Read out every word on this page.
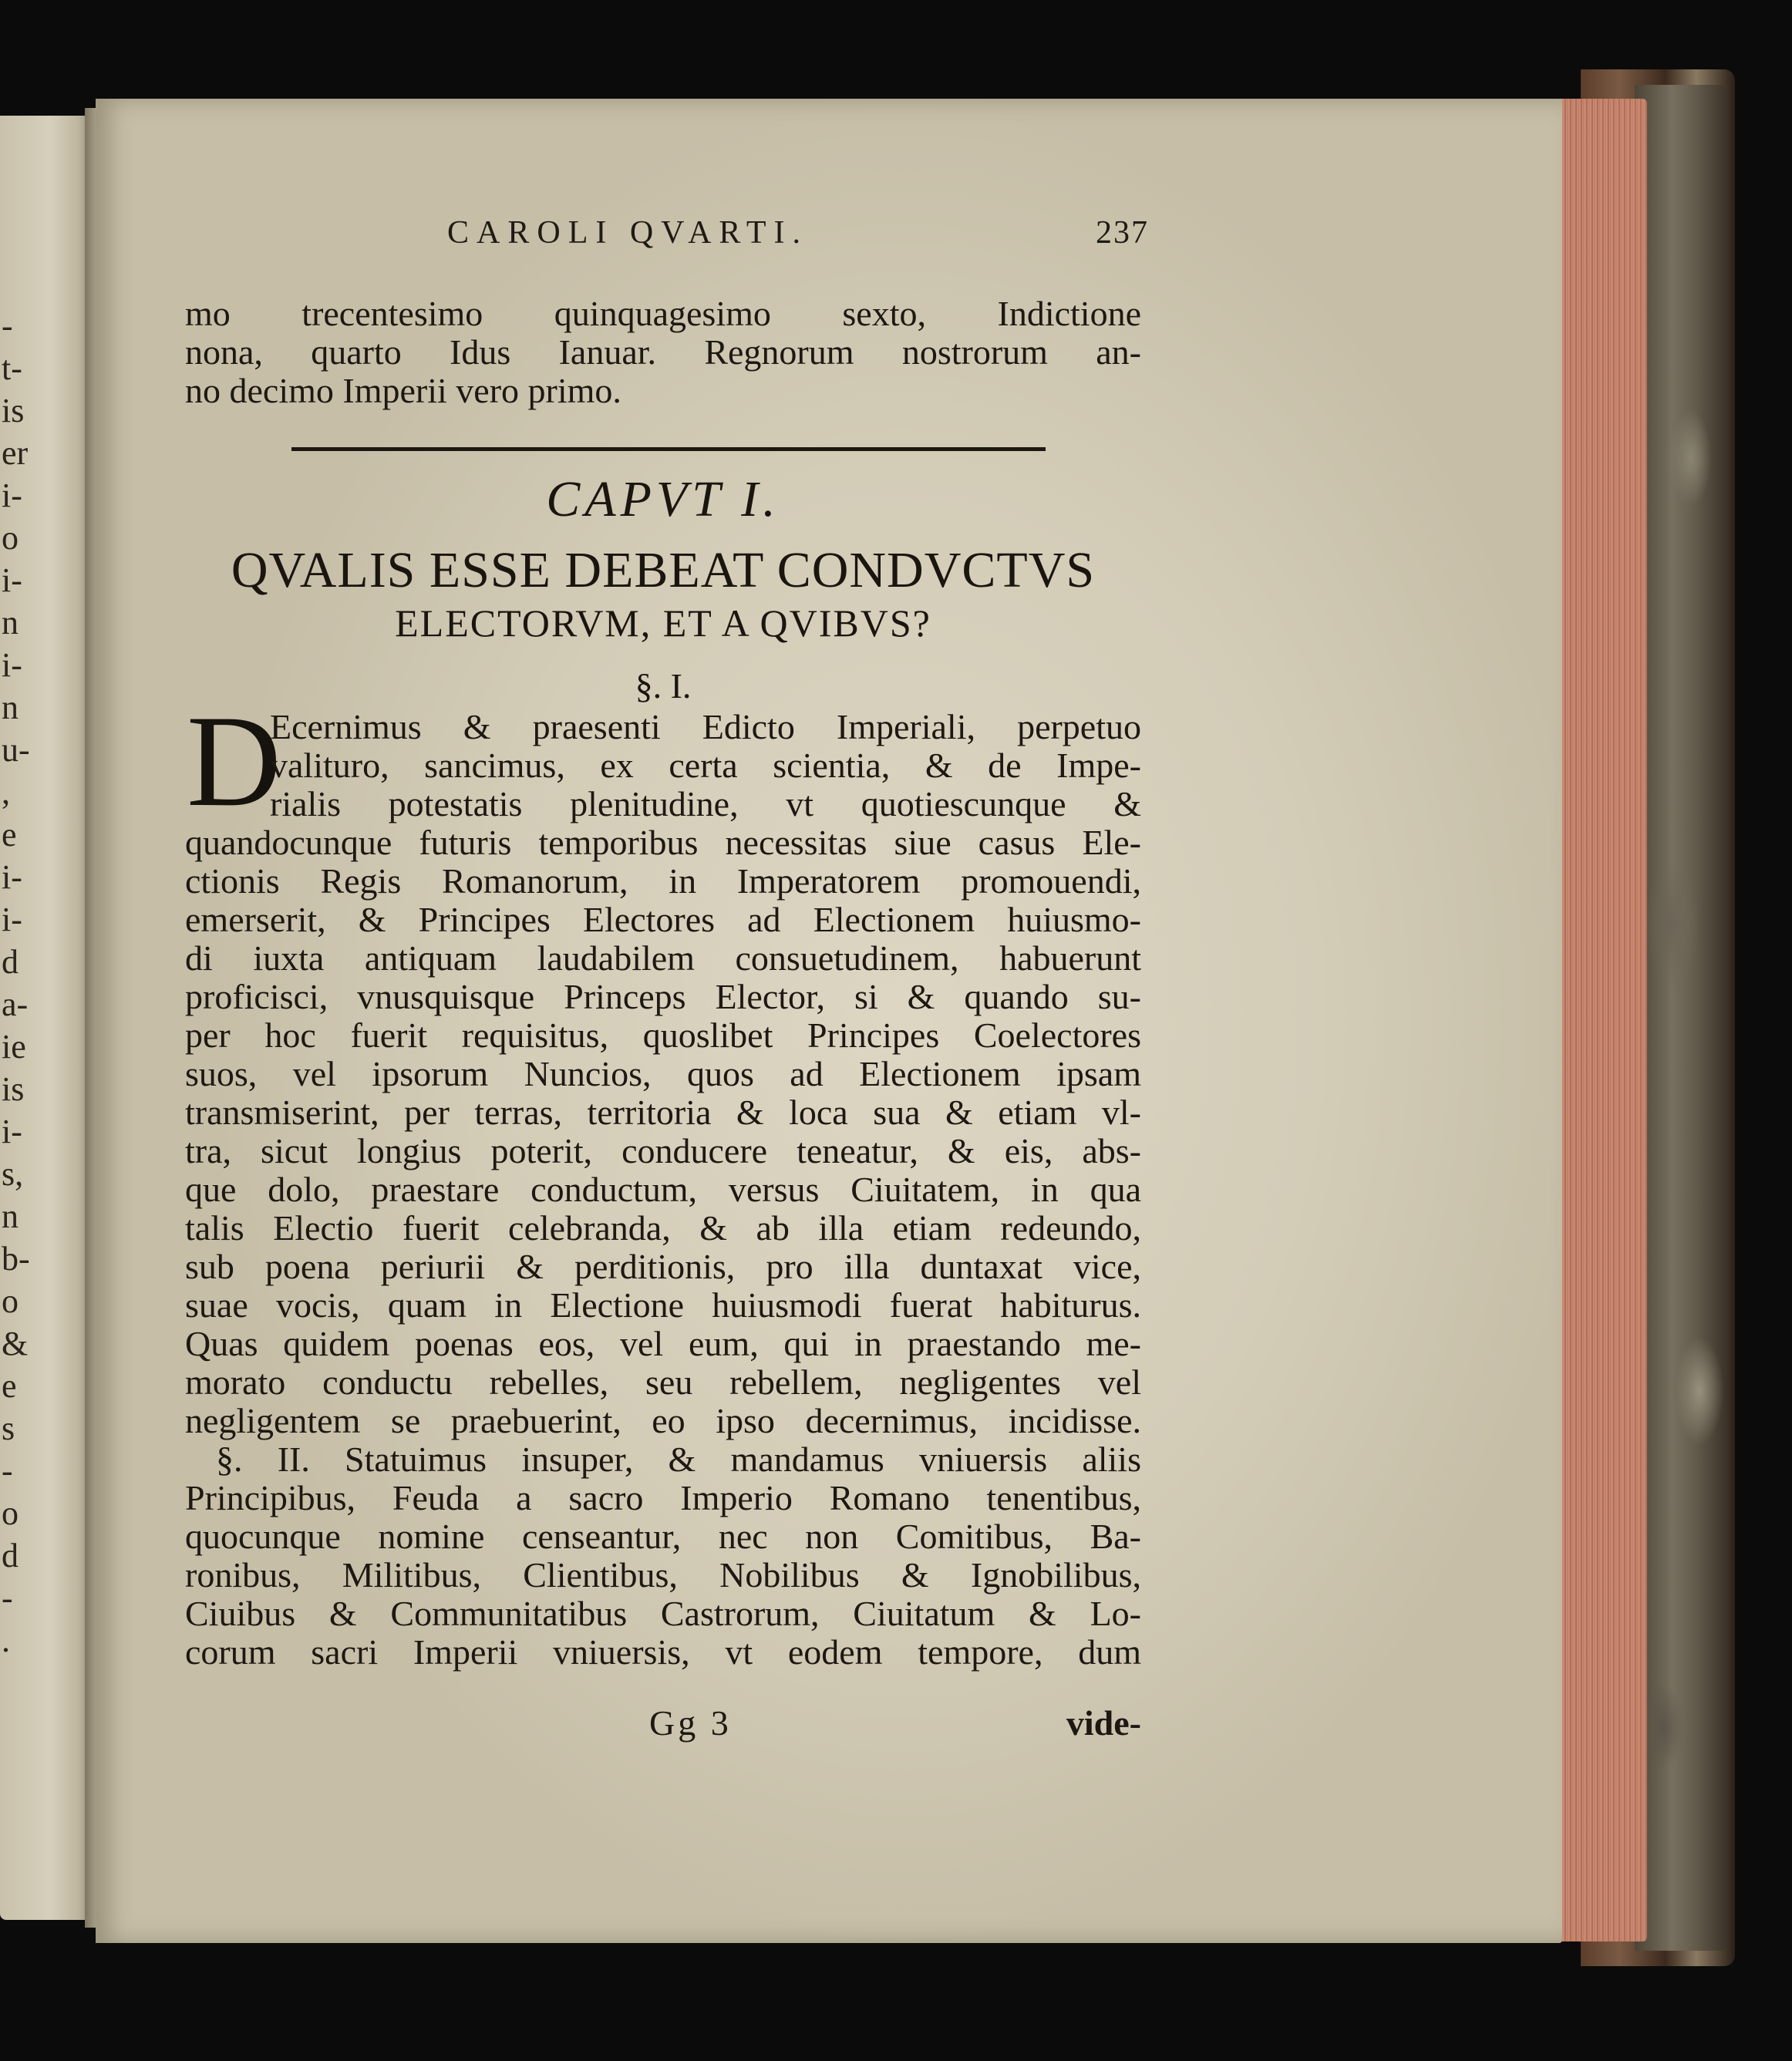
-
t-
is
er
i-
o
i-
n
i-
n
u-
,
e
i-
i-
d
a-
ie
is
i-
s,
n
b-
o
&
e
s
-
o
d
-
.
CAROLI QVARTI.	237
mo trecentesimo quinquagesimo sexto, Indictione
nona, quarto Idus Ianuar. Regnorum nostrorum an-
no decimo Imperii vero primo.
CAPVT I.
QVALIS ESSE DEBEAT CONDVCTVS
ELECTORVM, ET A QVIBVS?
§. I.
D
Ecernimus & praesenti Edicto Imperiali, perpetuo
valituro, sancimus, ex certa scientia, & de Impe-
rialis potestatis plenitudine, vt quotiescunque &
quandocunque futuris temporibus necessitas siue casus Ele-
ctionis Regis Romanorum, in Imperatorem promouendi,
emerserit, & Principes Electores ad Electionem huiusmo-
di iuxta antiquam laudabilem consuetudinem, habuerunt
proficisci, vnusquisque Princeps Elector, si & quando su-
per hoc fuerit requisitus, quoslibet Principes Coelectores
suos, vel ipsorum Nuncios, quos ad Electionem ipsam
transmiserint, per terras, territoria & loca sua & etiam vl-
tra, sicut longius poterit, conducere teneatur, & eis, abs-
que dolo, praestare conductum, versus Ciuitatem, in qua
talis Electio fuerit celebranda, & ab illa etiam redeundo,
sub poena periurii & perditionis, pro illa duntaxat vice,
suae vocis, quam in Electione huiusmodi fuerat habiturus.
Quas quidem poenas eos, vel eum, qui in praestando me-
morato conductu rebelles, seu rebellem, negligentes vel
negligentem se praebuerint, eo ipso decernimus, incidisse.
§. II. Statuimus insuper, & mandamus vniuersis aliis
Principibus, Feuda a sacro Imperio Romano tenentibus,
quocunque nomine censeantur, nec non Comitibus, Ba-
ronibus, Militibus, Clientibus, Nobilibus & Ignobilibus,
Ciuibus & Communitatibus Castrorum, Ciuitatum & Lo-
corum sacri Imperii vniuersis, vt eodem tempore, dum
Gg 3	vide-
